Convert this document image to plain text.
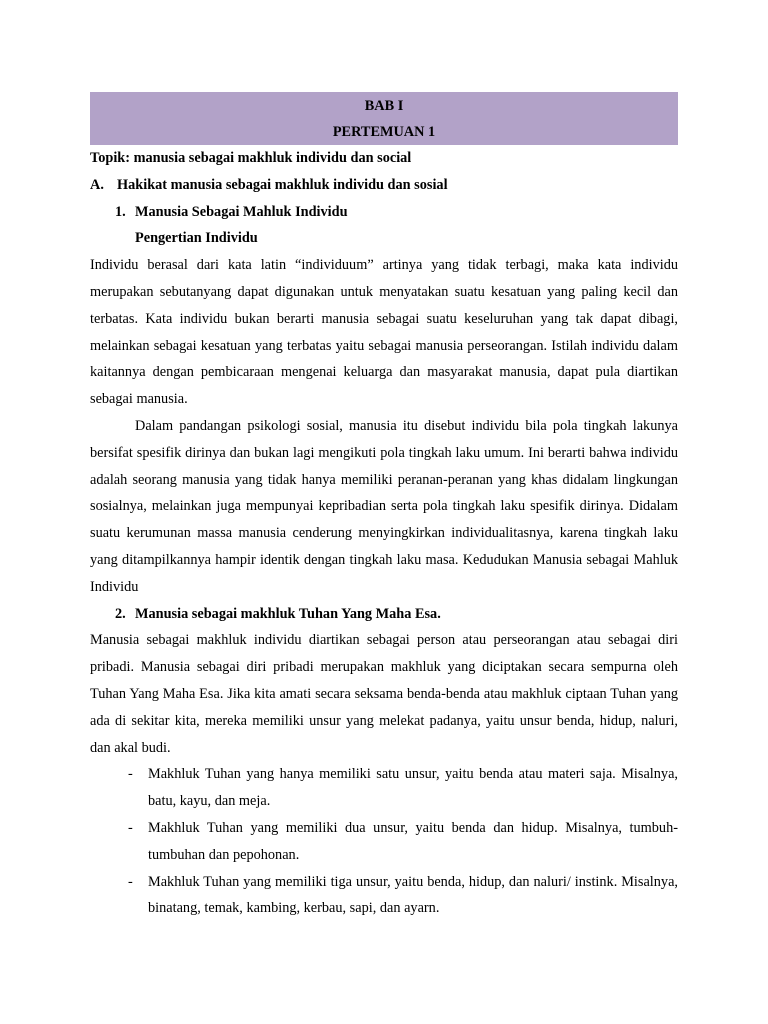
BAB I
PERTEMUAN 1

Topik: manusia sebagai makhluk individu dan social

A. Hakikat manusia sebagai makhluk individu dan sosial
1. Manusia Sebagai Mahluk Individu

Pengertian Individu

Individu berasal dari kata latin “individuum” artinya yang tidak terbagi, maka kata individu merupakan sebutanyang dapat digunakan untuk menyatakan suatu kesatuan yang paling kecil dan terbatas. Kata individu bukan berarti manusia sebagai suatu keseluruhan yang tak dapat dibagi, melainkan sebagai kesatuan yang terbatas yaitu sebagai manusia perseorangan. Istilah individu dalam kaitannya dengan pembicaraan mengenai keluarga dan masyarakat manusia, dapat pula diartikan sebagai manusia.

Dalam pandangan psikologi sosial, manusia itu disebut individu bila pola tingkah lakunya bersifat spesifik dirinya dan bukan lagi mengikuti pola tingkah laku umum. Ini berarti bahwa individu adalah seorang manusia yang tidak hanya memiliki peranan-peranan yang khas didalam lingkungan sosialnya, melainkan juga mempunyai kepribadian serta pola tingkah laku spesifik dirinya. Didalam suatu kerumunan massa manusia cenderung menyingkirkan individualitasnya, karena tingkah laku yang ditampilkannya hampir identik dengan tingkah laku masa. Kedudukan Manusia sebagai Mahluk Individu

2. Manusia sebagai makhluk Tuhan Yang Maha Esa.

Manusia sebagai makhluk individu diartikan sebagai person atau perseorangan atau sebagai diri pribadi. Manusia sebagai diri pribadi merupakan makhluk yang diciptakan secara sempurna oleh Tuhan Yang Maha Esa. Jika kita amati secara seksama benda-benda atau makhluk ciptaan Tuhan yang ada di sekitar kita, mereka memiliki unsur yang melekat padanya, yaitu unsur benda, hidup, naluri, dan akal budi.

-	Makhluk Tuhan yang hanya memiliki satu unsur, yaitu benda atau materi saja. Misalnya, batu, kayu, dan meja.
-	Makhluk Tuhan yang memiliki dua unsur, yaitu benda dan hidup. Misalnya, tumbuh-tumbuhan dan pepohonan.
-	Makhluk Tuhan yang memiliki tiga unsur, yaitu benda, hidup, dan naluri/ instink. Misalnya, binatang, temak, kambing, kerbau, sapi, dan ayarn.
